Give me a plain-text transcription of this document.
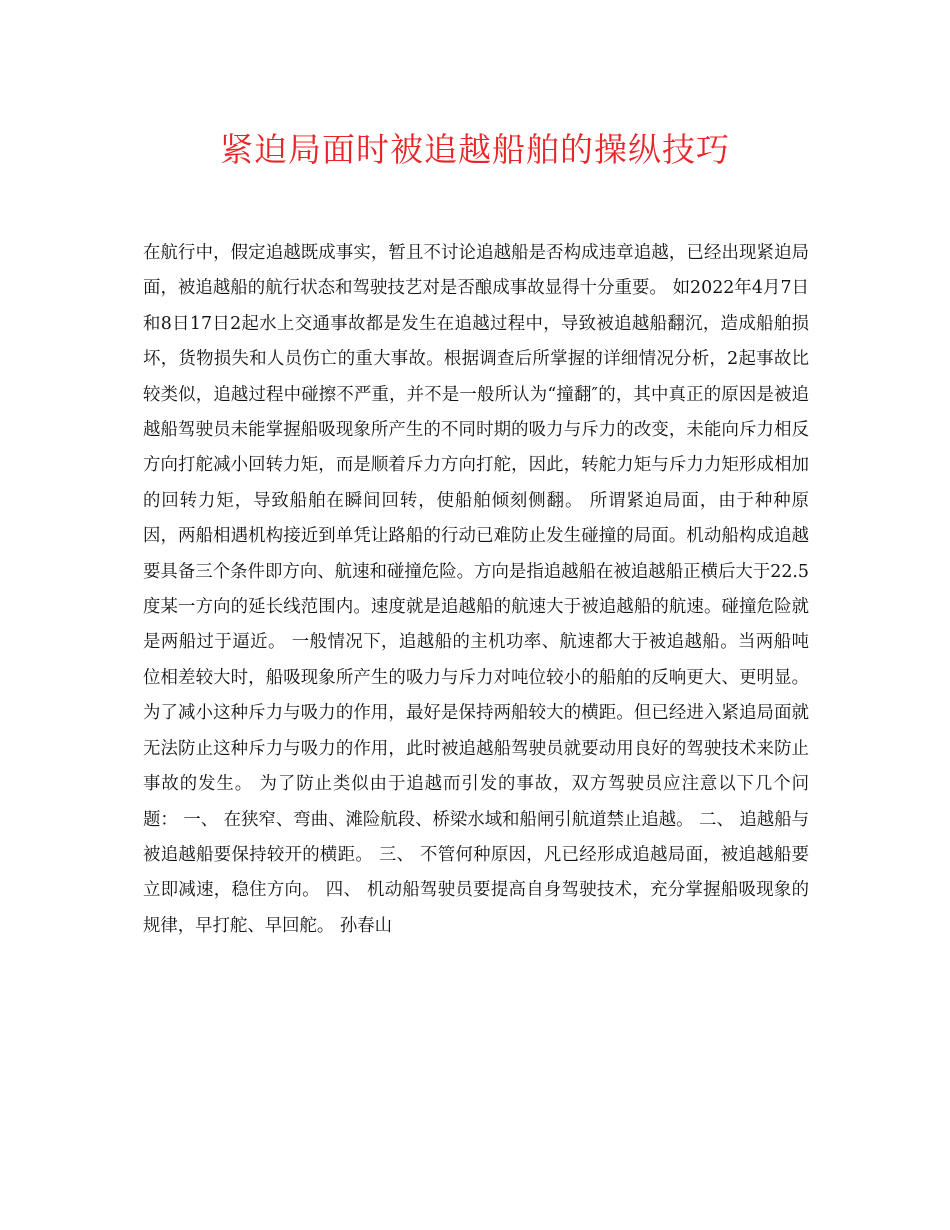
紧迫局面时被追越船舶的操纵技巧

在航行中，假定追越既成事实，暂且不讨论追越船是否构成违章追越，已经出现紧迫局面，被追越船的航行状态和驾驶技艺对是否酿成事故显得十分重要。 如2022年4月7日和8日17日2起水上交通事故都是发生在追越过程中，导致被追越船翻沉，造成船舶损坏，货物损失和人员伤亡的重大事故。根据调查后所掌握的详细情况分析，2起事故比较类似，追越过程中碰擦不严重，并不是一般所认为“撞翻″的，其中真正的原因是被追越船驾驶员未能掌握船吸现象所产生的不同时期的吸力与斥力的改变，未能向斥力相反方向打舵减小回转力矩，而是顺着斥力方向打舵，因此，转舵力矩与斥力力矩形成相加的回转力矩，导致船舶在瞬间回转，使船舶倾刻侧翻。 所谓紧迫局面，由于种种原因，两船相遇机构接近到单凭让路船的行动已难防止发生碰撞的局面。机动船构成追越要具备三个条件即方向、航速和碰撞危险。方向是指追越船在被追越船正横后大于22.5度某一方向的延长线范围内。速度就是追越船的航速大于被追越船的航速。碰撞危险就是两船过于逼近。 一般情况下，追越船的主机功率、航速都大于被追越船。当两船吨位相差较大时，船吸现象所产生的吸力与斥力对吨位较小的船舶的反响更大、更明显。为了减小这种斥力与吸力的作用，最好是保持两船较大的横距。但已经进入紧追局面就无法防止这种斥力与吸力的作用，此时被追越船驾驶员就要动用良好的驾驶技术来防止事故的发生。 为了防止类似由于追越而引发的事故，双方驾驶员应注意以下几个问题： 一、 在狭窄、弯曲、滩险航段、桥梁水域和船闸引航道禁止追越。 二、 追越船与被追越船要保持较开的横距。 三、 不管何种原因，凡已经形成追越局面，被追越船要立即减速，稳住方向。 四、 机动船驾驶员要提高自身驾驶技术，充分掌握船吸现象的规律，早打舵、早回舵。 孙春山
